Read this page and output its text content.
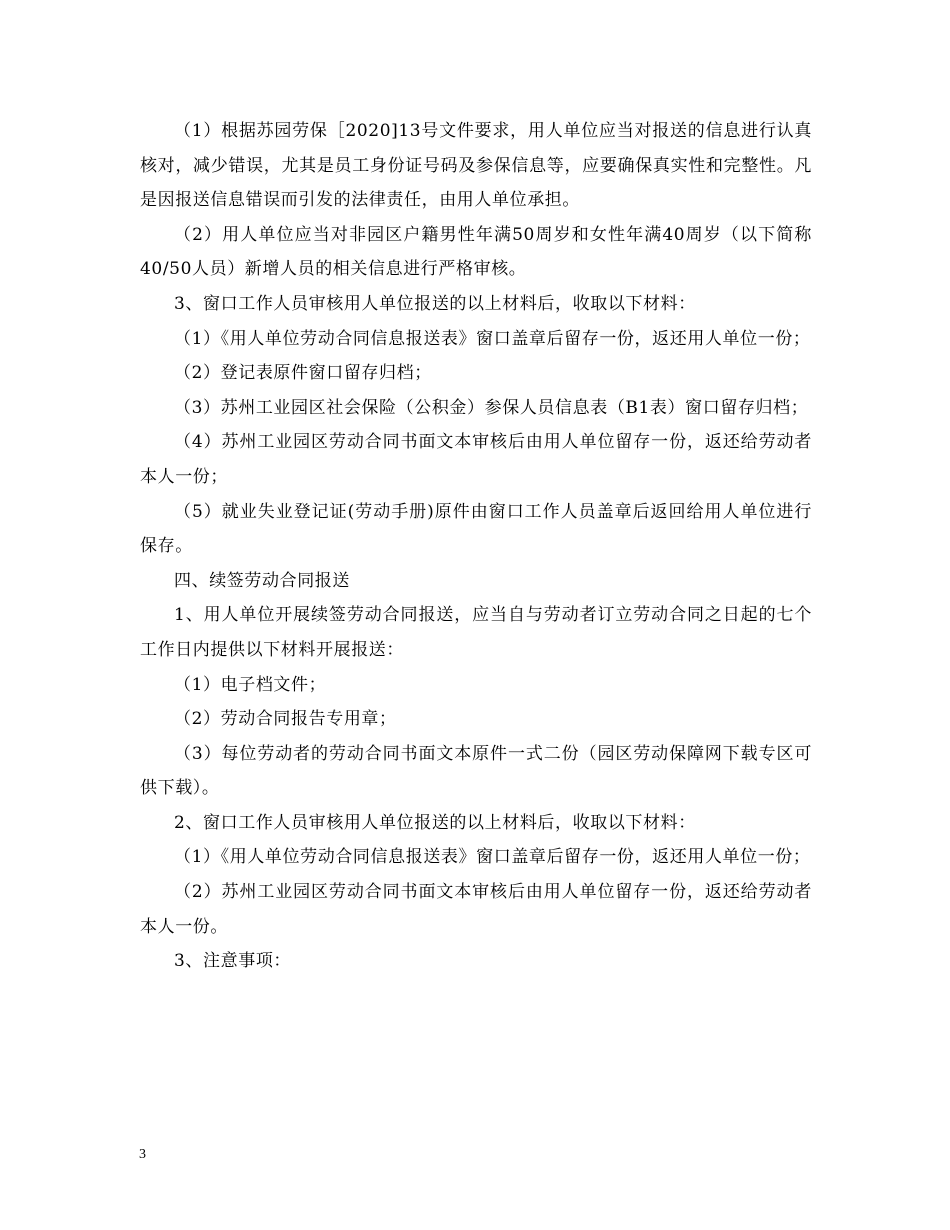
（1）根据苏园劳保［2020]13号文件要求，用人单位应当对报送的信息进行认真核对，减少错误，尤其是员工身份证号码及参保信息等，应要确保真实性和完整性。凡是因报送信息错误而引发的法律责任，由用人单位承担。

（2）用人单位应当对非园区户籍男性年满50周岁和女性年满40周岁（以下简称40/50人员）新增人员的相关信息进行严格审核。

3、窗口工作人员审核用人单位报送的以上材料后，收取以下材料：

（1）《用人单位劳动合同信息报送表》窗口盖章后留存一份，返还用人单位一份；

（2）登记表原件窗口留存归档；

（3）苏州工业园区社会保险（公积金）参保人员信息表（B1表）窗口留存归档；

（4）苏州工业园区劳动合同书面文本审核后由用人单位留存一份，返还给劳动者本人一份；

（5）就业失业登记证(劳动手册)原件由窗口工作人员盖章后返回给用人单位进行保存。

四、续签劳动合同报送

1、用人单位开展续签劳动合同报送，应当自与劳动者订立劳动合同之日起的七个工作日内提供以下材料开展报送：

（1）电子档文件；

（2）劳动合同报告专用章；

（3）每位劳动者的劳动合同书面文本原件一式二份（园区劳动保障网下载专区可供下载）。

2、窗口工作人员审核用人单位报送的以上材料后，收取以下材料：

（1）《用人单位劳动合同信息报送表》窗口盖章后留存一份，返还用人单位一份；

（2）苏州工业园区劳动合同书面文本审核后由用人单位留存一份，返还给劳动者本人一份。

3、注意事项：

3
